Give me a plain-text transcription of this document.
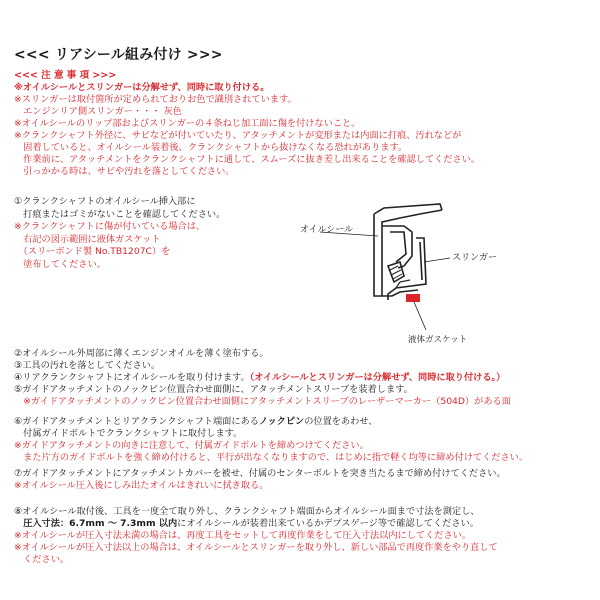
<<< リアシール組み付け >>>
<<< 注 意 事 項 >>>
※オイルシールとスリンガーは分解せず、同時に取り付ける。
※スリンガーは取付箇所が定められておりお色で識別されています。
　エンジンリア側スリンガー・・・ 灰色
※オイルシールのリップ部およびスリンガーの４条ねじ加工面に傷を付けないこと。
※クランクシャフト外径に、サビなどが付いていたり、アタッチメントが変形または内面に打痕、汚れなどが
　固着していると、オイルシール装着後、クランクシャフトから抜けなくなる恐れがあります。
　作業前に、アタッチメントをクランクシャフトに通して、スムーズに抜き差し出来ることを確認してください。
　引っかかる時は、サビや汚れを落としてください。
①クランクシャフトのオイルシール挿入部に
　打痕またはゴミがないことを確認してください。
※クランクシャフトに傷が付いている場合は、
　右記の図示範囲に液体ガスケット
　（スリーボンド製 No.TB1207C）を
　塗布してください。
オイルシール
スリンガー
液体ガスケット
②オイルシール外周部に薄くエンジンオイルを薄く塗布する。
③工具の汚れを落としてください。
④リアクランクシャフトにオイルシールを取り付けます。（オイルシールとスリンガーは分解せず、同時に取り付ける。）
⑤ガイドアタッチメントのノックピン位置合わせ面側に、アタッチメントスリーブを装着します。
　※ガイドアタッチメントのノックピン位置合わせ面側にアタッチメントスリーブのレーザーマーカー（504D）がある面
⑥ガイドアタッチメントとリアクランクシャフト端面にあるノックピンの位置をあわせ、
　付属ガイドボルトでクランクシャフトに取付します。
※ガイドアタッチメントの向きに注意して、付属ガイドボルトを締めつけてください。
　また片方のガイドボルトを強く締め付けると、平行が出なくなりますので、はじめに指で軽く均等に締め付けてください。
⑦ガイドアタッチメントにアタッチメントカバーを被せ、付属のセンターボルトを突き当たるまで締め付けてください。
※オイルシール圧入後にしみ出たオイルはきれいに拭き取る。
⑧オイルシール取付後、工具を一度全て取り外し、クランクシャフト端面からオイルシール面まで寸法を測定し、
　圧入寸法：6.7mm ～ 7.3mm 以内にオイルシールが装着出来ているかデプスゲージ等で確認してください。
※オイルシールが圧入寸法未満の場合は、再度工具をセットして再度作業をして圧入寸法以内にしてください。
※オイルシールが圧入寸法以上の場合は、オイルシールとスリンガーを取り外し、新しい部品で再度作業をやり直して
　ください。
